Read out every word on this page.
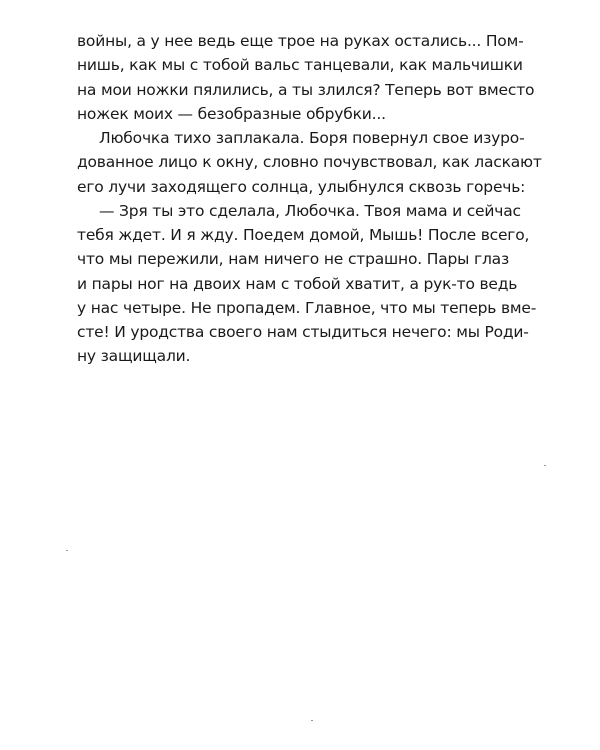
войны, а у нее ведь еще трое на руках остались... Пом-
нишь, как мы с тобой вальс танцевали, как мальчишки
на мои ножки пялились, а ты злился? Теперь вот вместо
ножек моих — безобразные обрубки...
Любочка тихо заплакала. Боря повернул свое изуро-
дованное лицо к окну, словно почувствовал, как ласкают
его лучи заходящего солнца, улыбнулся сквозь горечь:
— Зря ты это сделала, Любочка. Твоя мама и сейчас
тебя ждет. И я жду. Поедем домой, Мышь! После всего,
что мы пережили, нам ничего не страшно. Пары глаз
и пары ног на двоих нам с тобой хватит, а рук-то ведь
у нас четыре. Не пропадем. Главное, что мы теперь вме-
сте! И уродства своего нам стыдиться нечего: мы Роди-
ну защищали.
